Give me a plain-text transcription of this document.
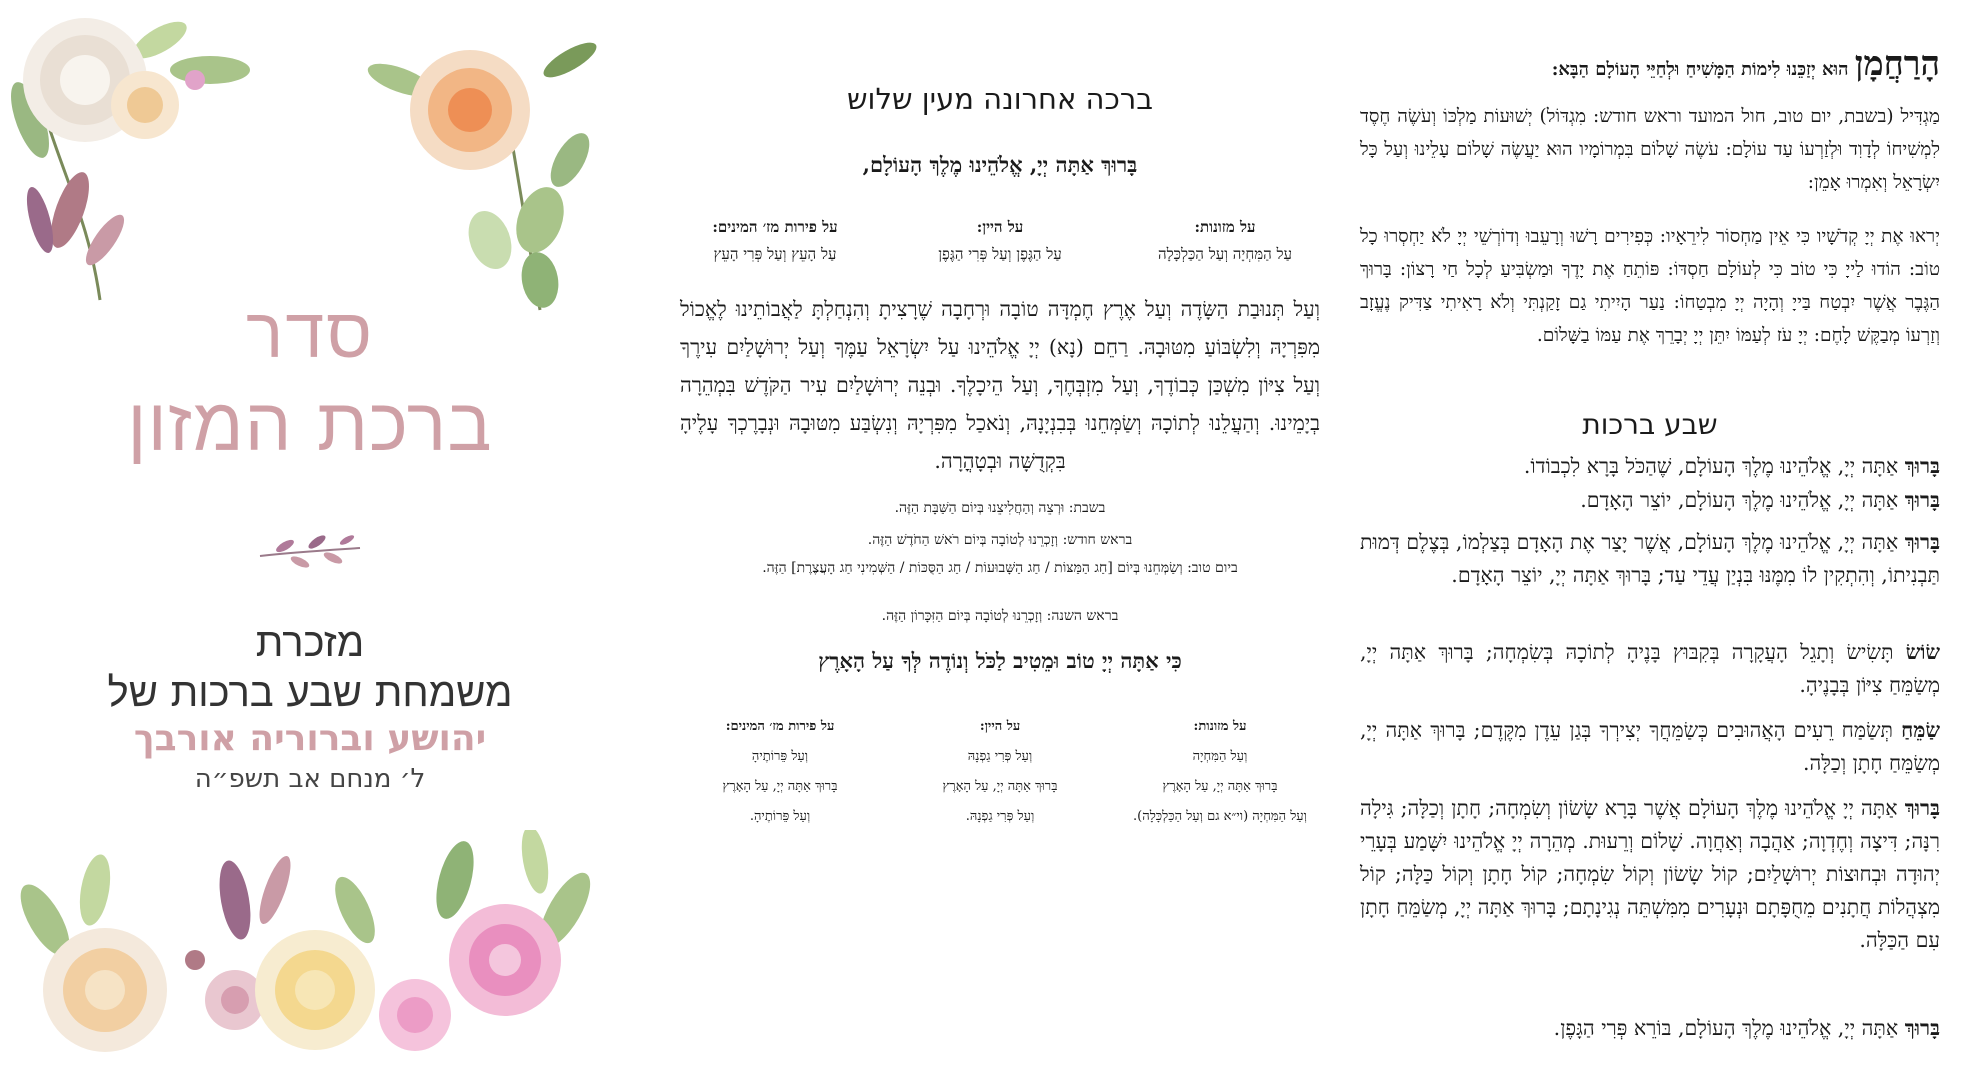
סדר
ברכת המזון
מזכרת
משמחת שבע ברכות של
יהושע וברוריה אורבך
ל׳ מנחם אב תשפ״ה
ברכה אחרונה מעין שלוש
בָּרוּךְ אַתָּה יְיָ, אֱלֹהֵינוּ מֶלֶךְ הָעוֹלָם,
על מזונות:
עַל הַמִּחְיָה וְעַל הַכַּלְכָּלָה
על היין:
עַל הַגֶּפֶן וְעַל פְּרִי הַגֶּפֶן
על פירות מז׳ המינים:
עַל הָעֵץ וְעַל פְּרִי הָעֵץ
וְעַל תְּנוּבַת הַשָּׂדֶה וְעַל אֶרֶץ חֶמְדָּה טוֹבָה וּרְחָבָה שֶׁרָצִיתָ וְהִנְחַלְתָּ לַאֲבוֹתֵינוּ לֶאֱכוֹל מִפִּרְיָהּ וְלִשְׂבּוֹעַ מִטּוּבָהּ. רַחֵם (נָא) יְיָ אֱלֹהֵינוּ עַל יִשְׂרָאֵל עַמֶּךָ וְעַל יְרוּשָׁלַיִם עִירֶךָ וְעַל צִיּוֹן מִשְׁכַּן כְּבוֹדֶךָ, וְעַל מִזְבְּחֶךָ, וְעַל הֵיכָלֶךָ. וּבְנֵה יְרוּשָׁלַיִם עִיר הַקֹּדֶשׁ בִּמְהֵרָה בְיָמֵינוּ. וְהַעֲלֵנוּ לְתוֹכָהּ וְשַׂמְּחֵנוּ בְּבִנְיָנָהּ, וְנֹאכַל מִפִּרְיָהּ וְנִשְׂבַּע מִטּוּבָהּ וּנְבָרֶכְךָ עָלֶיהָ בִּקְדֻשָּׁה וּבְטָהֳרָה.
בשבת: וּרְצֵה וְהַחֲלִיצֵנוּ בְּיוֹם הַשַּׁבָּת הַזֶּה.
בראש חודש: וְזָכְרֵנוּ לְטוֹבָה בְּיוֹם רֹאשׁ הַחֹדֶשׁ הַזֶּה.
ביום טוב: וְשַׂמְּחֵנוּ בְּיוֹם [חַג הַמַּצּוֹת / חַג הַשָּׁבוּעוֹת / חַג הַסֻּכּוֹת / הַשְּׁמִינִי חַג הָעֲצֶרֶת] הַזֶּה.
בראש השנה: וְזָכְרֵנוּ לְטוֹבָה בְּיוֹם הַזִּכָּרוֹן הַזֶּה.
כִּי אַתָּה יְיָ טוֹב וּמֵטִיב לַכֹּל וְנוֹדֶה לְּךָ עַל הָאָרֶץ
על מזונות:
וְעַל הַמִּחְיָה
בָּרוּךְ אַתָּה יְיָ, עַל הָאָרֶץ
וְעַל הַמִּחְיָה (וי״א גם וְעַל הַכַּלְכָּלָה).
על היין:
וְעַל פְּרִי גַפְנָהּ
בָּרוּךְ אַתָּה יְיָ, עַל הָאָרֶץ
וְעַל פְּרִי גַפְנָהּ.
על פירות מז׳ המינים:
וְעַל פֵּרוֹתֶיהָ
בָּרוּךְ אַתָּה יְיָ, עַל הָאָרֶץ
וְעַל פֵּרוֹתֶיהָ.
הָרַחֲמָן הוּא יְזַכֵּנוּ לִימוֹת הַמָּשִׁיחַ וּלְחַיֵּי הָעוֹלָם הַבָּא:
מַגְדִּיל (בשבת, יום טוב, חול המועד וראש חודש: מִגְדּוֹל) יְשׁוּעוֹת מַלְכּוֹ וְעֹשֶׂה חֶסֶד לִמְשִׁיחוֹ לְדָוִד וּלְזַרְעוֹ עַד עוֹלָם: עֹשֶׂה שָׁלוֹם בִּמְרוֹמָיו הוּא יַעֲשֶׂה שָׁלוֹם עָלֵינוּ וְעַל כָּל יִשְׂרָאֵל וְאִמְרוּ אָמֵן:
יְראוּ אֶת יְיָ קְדֹשָׁיו כִּי אֵין מַחְסוֹר לִירֵאָיו: כְּפִירִים רָשׁוּ וְרָעֵבוּ וְדוֹרְשֵׁי יְיָ לֹא יַחְסְרוּ כָל טוֹב: הוֹדוּ לַייָ כִּי טוֹב כִּי לְעוֹלָם חַסְדּוֹ: פּוֹתֵחַ אֶת יָדֶךָ וּמַשְׂבִּיעַ לְכָל חַי רָצוֹן: בָּרוּךְ הַגֶּבֶר אֲשֶׁר יִבְטַח בַּייָ וְהָיָה יְיָ מִבְטַחוֹ: נַעַר הָיִיתִי גַם זָקַנְתִּי וְלֹא רָאִיתִי צַדִּיק נֶעֱזָב וְזַרְעוֹ מְבַקֶּשׁ לָחֶם: יְיָ עֹז לְעַמּוֹ יִתֵּן יְיָ יְבָרֵךְ אֶת עַמּוֹ בַשָּׁלוֹם.
שבע ברכות
בָּרוּךְ אַתָּה יְיָ, אֱלֹהֵינוּ מֶלֶךְ הָעוֹלָם, שֶׁהַכֹּל בָּרָא לִכְבוֹדוֹ.
בָּרוּךְ אַתָּה יְיָ, אֱלֹהֵינוּ מֶלֶךְ הָעוֹלָם, יוֹצֵר הָאָדָם.
בָּרוּךְ אַתָּה יְיָ, אֱלֹהֵינוּ מֶלֶךְ הָעוֹלָם, אֲשֶׁר יָצַר אֶת הָאָדָם בְּצַלְמוֹ, בְּצֶלֶם דְּמוּת תַּבְנִיתוֹ, וְהִתְקִין לוֹ מִמֶּנּוּ בִּנְיַן עֲדֵי עַד; בָּרוּךְ אַתָּה יְיָ, יוֹצֵר הָאָדָם.
שׂוֹשׂ תָּשִׂישׂ וְתָגֵל הָעֲקָרָה בְּקִבּוּץ בָּנֶיהָ לְתוֹכָהּ בְּשִׂמְחָה; בָּרוּךְ אַתָּה יְיָ, מְשַׂמֵּחַ צִיּוֹן בְּבָנֶיהָ.
שַׂמֵּחַ תְּשַׂמַּח רֵעִים הָאֲהוּבִים כְּשַׂמֵּחֲךָ יְצִירְךָ בְּגַן עֵדֶן מִקֶּדֶם; בָּרוּךְ אַתָּה יְיָ, מְשַׂמֵּחַ חָתָן וְכַלָּה.
בָּרוּךְ אַתָּה יְיָ אֱלֹהֵינוּ מֶלֶךְ הָעוֹלָם אֲשֶׁר בָּרָא שָׂשׂוֹן וְשִׂמְחָה; חָתָן וְכַלָּה; גִּילָה רִנָּה; דִּיצָה וְחֶדְוָה; אַהֲבָה וְאַחֲוָה. שָׁלוֹם וְרֵעוּת. מְהֵרָה יְיָ אֱלֹהֵינוּ יִשָּׁמַע בְּעָרֵי יְהוּדָה וּבְחוּצוֹת יְרוּשָׁלַיִם; קוֹל שָׂשׂוֹן וְקוֹל שִׂמְחָה; קוֹל חָתָן וְקוֹל כַּלָּה; קוֹל מִצְהֲלוֹת חֲתָנִים מֵחֻפָּתָם וּנְעָרִים מִמִּשְׁתֵּה נְגִינָתָם; בָּרוּךְ אַתָּה יְיָ, מְשַׂמֵּחַ חָתָן עִם הַכַּלָּה.
בָּרוּךְ אַתָּה יְיָ, אֱלֹהֵינוּ מֶלֶךְ הָעוֹלָם, בּוֹרֵא פְּרִי הַגָּפֶן.
